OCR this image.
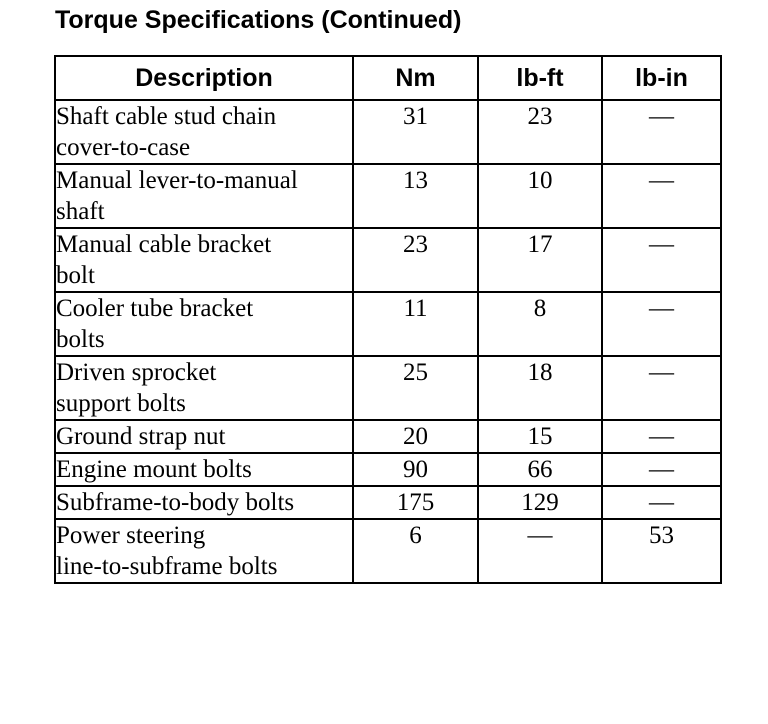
Torque Specifications (Continued)
Description	Nm	lb-ft	lb-in
Shaft cable stud chain
cover-to-case	31	23	—
Manual lever-to-manual
shaft	13	10	—
Manual cable bracket
bolt	23	17	—
Cooler tube bracket
bolts	11	8	—
Driven sprocket
support bolts	25	18	—
Ground strap nut	20	15	—
Engine mount bolts	90	66	—
Subframe-to-body bolts	175	129	—
Power steering
line-to-subframe bolts	6	—	53
